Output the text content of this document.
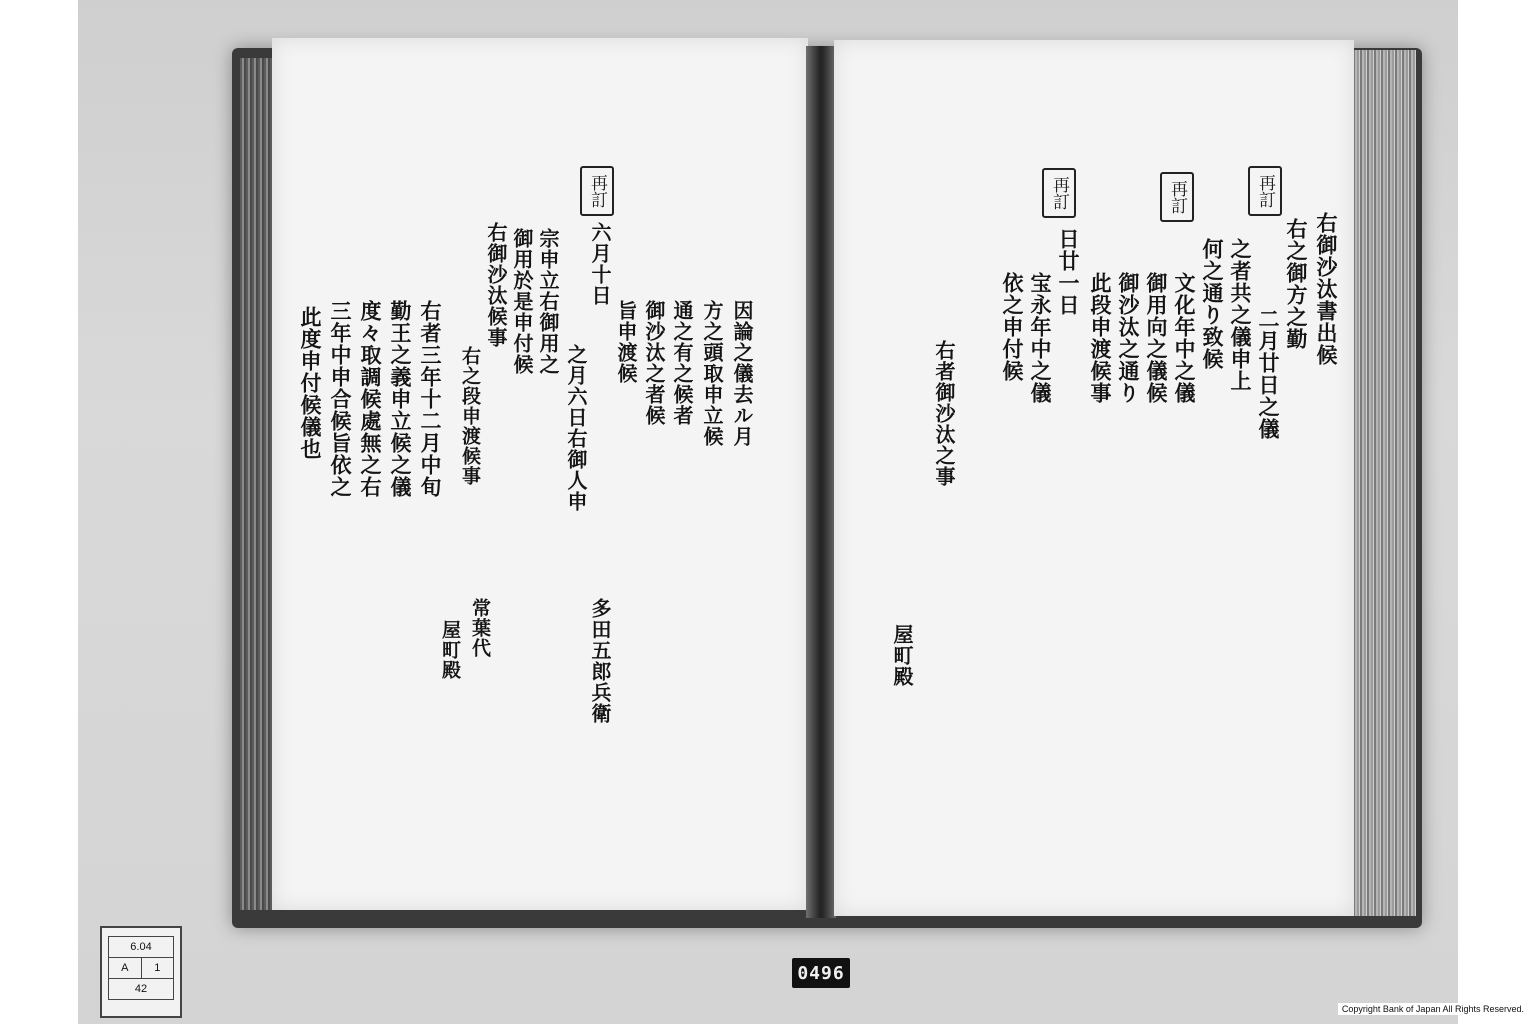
再訂
常葉代
屋町殿	多田五郎兵衛
右者三年十二月中旬
勤王之義申立候之儀
度々取調候處無之右
三年中申合候旨依之
此度申付候儀也	右之段申渡候事	因論之儀去ル月
方之頭取申立候
通之有之候者
御沙汰之者候
旨申渡候
六月十日
之月六日右御人申
宗申立右御用之
御用於是申付候
右御沙汰候事
再訂	再訂	再訂
右御沙汰書出候
右之御方之勤
二月廿日之儀
之者共之儀申上
何之通り致候
文化年中之儀
御用向之儀候
御沙汰之通り
此段申渡候事
日廿一日
宝永年中之儀
依之申付候
右者御沙汰之事
屋町殿
6.04
A	1
42
0496
Copyright Bank of Japan All Rights Reserved.
